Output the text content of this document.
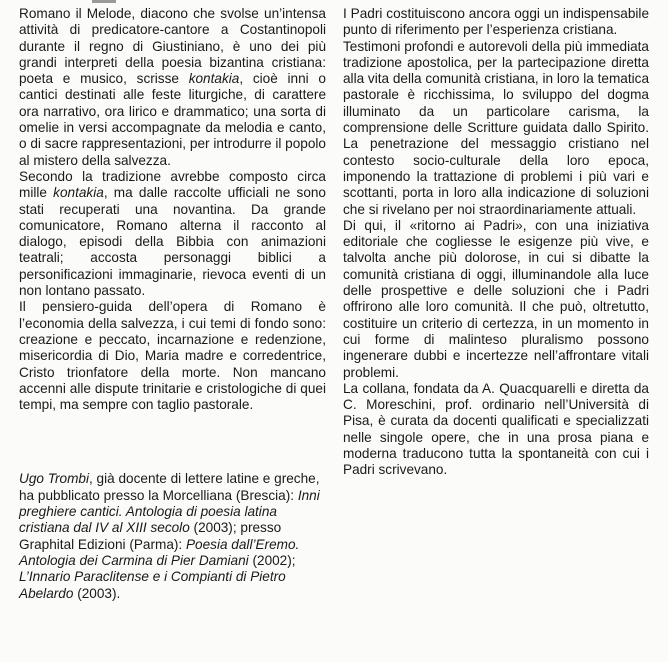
Romano il Melode, diacono che svolse un’intensa attività di predicatore-cantore a Costantinopoli durante il regno di Giustiniano, è uno dei più grandi interpreti della poesia bizantina cristiana: poeta e musico, scrisse kontakia, cioè inni o cantici destinati alle feste liturgiche, di carattere ora narrativo, ora lirico e drammatico; una sorta di omelie in versi accompagnate da melodia e canto, o di sacre rappresentazioni, per introdurre il popolo al mistero della salvezza.

Secondo la tradizione avrebbe composto circa mille kontakia, ma dalle raccolte ufficiali ne sono stati recuperati una novantina. Da grande comunicatore, Romano alterna il racconto al dialogo, episodi della Bibbia con animazioni teatrali; accosta personaggi biblici a personificazioni immaginarie, rievoca eventi di un non lontano passato.

Il pensiero-guida dell’opera di Romano è l’economia della salvezza, i cui temi di fondo sono: creazione e peccato, incarnazione e redenzione, misericordia di Dio, Maria madre e corredentrice, Cristo trionfatore della morte. Non mancano accenni alle dispute trinitarie e cristologiche di quei tempi, ma sempre con taglio pastorale.

Ugo Trombi, già docente di lettere latine e greche, ha pubblicato presso la Morcelliana (Brescia): Inni preghiere cantici. Antologia di poesia latina cristiana dal IV al XIII secolo (2003); presso Graphital Edizioni (Parma): Poesia dall’Eremo. Antologia dei Carmina di Pier Damiani (2002); L’Innario Paraclitense e i Compianti di Pietro Abelardo (2003).

I Padri costituiscono ancora oggi un indispensabile punto di riferimento per l’esperienza cristiana.

Testimoni profondi e autorevoli della più immediata tradizione apostolica, per la partecipazione diretta alla vita della comunità cristiana, in loro la tematica pastorale è ricchissima, lo sviluppo del dogma illuminato da un particolare carisma, la comprensione delle Scritture guidata dallo Spirito. La penetrazione del messaggio cristiano nel contesto socio-culturale della loro epoca, imponendo la trattazione di problemi i più vari e scottanti, porta in loro alla indicazione di soluzioni che si rivelano per noi straordinariamente attuali.

Di qui, il «ritorno ai Padri», con una iniziativa editoriale che cogliesse le esigenze più vive, e talvolta anche più dolorose, in cui si dibatte la comunità cristiana di oggi, illuminandole alla luce delle prospettive e delle soluzioni che i Padri offrirono alle loro comunità. Il che può, oltretutto, costituire un criterio di certezza, in un momento in cui forme di malinteso pluralismo possono ingenerare dubbi e incertezze nell’affrontare vitali problemi.

La collana, fondata da A. Quacquarelli e diretta da C. Moreschini, prof. ordinario nell’Università di Pisa, è curata da docenti qualificati e specializzati nelle singole opere, che in una prosa piana e moderna traducono tutta la spontaneità con cui i Padri scrivevano.
